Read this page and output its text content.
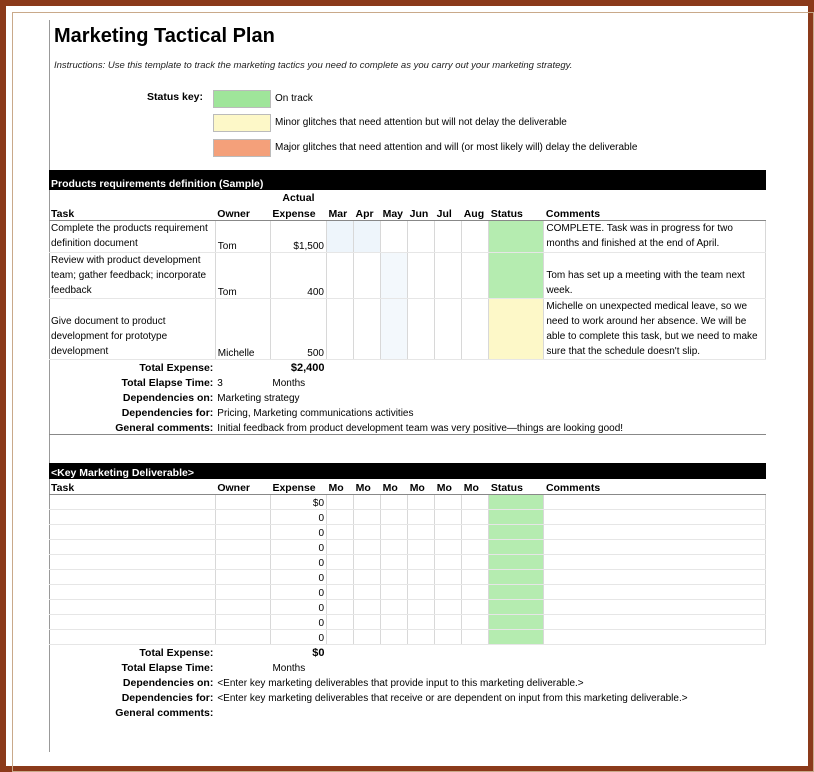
Marketing Tactical Plan
Instructions: Use this template to track the marketing tactics you need to complete as you carry out your marketing strategy.
Status key:	On track
Minor glitches that need attention but will not delay the deliverable
Major glitches that need attention and will (or most likely will) delay the deliverable
Products requirements definition (Sample)										
		Actual								
Task	Owner	Expense	Mar	Apr	May	Jun	Jul	Aug	Status	Comments
Complete the products requirement definition document	Tom	$1,500								COMPLETE. Task was in progress for two months and finished at the end of April.
Review with product development team; gather feedback; incorporate feedback	Tom	400								Tom has set up a meeting with the team next week.
Give document to product development for prototype development	Michelle	500								Michelle on unexpected medical leave, so we need to work around her absence. We will be able to complete this task, but we need to make sure that the schedule doesn't slip.
Total Expense:		$2,400								
Total Elapse Time:	3	Months								
Dependencies on:	Marketing strategy									
Dependencies for:	Pricing, Marketing communications activities									
General comments:	Initial feedback from product development team was very positive—things are looking good!									
<Key Marketing Deliverable>										
Task	Owner	Expense	Mo	Mo	Mo	Mo	Mo	Mo	Status	Comments
		$0								
		0								
		0								
		0								
		0								
		0								
		0								
		0								
		0								
		0								
Total Expense:		$0								
Total Elapse Time:		Months								
Dependencies on:	<Enter key marketing deliverables that provide input to this marketing deliverable.>									
Dependencies for:	<Enter key marketing deliverables that receive or are dependent on input from this marketing deliverable.>									
General comments:										
